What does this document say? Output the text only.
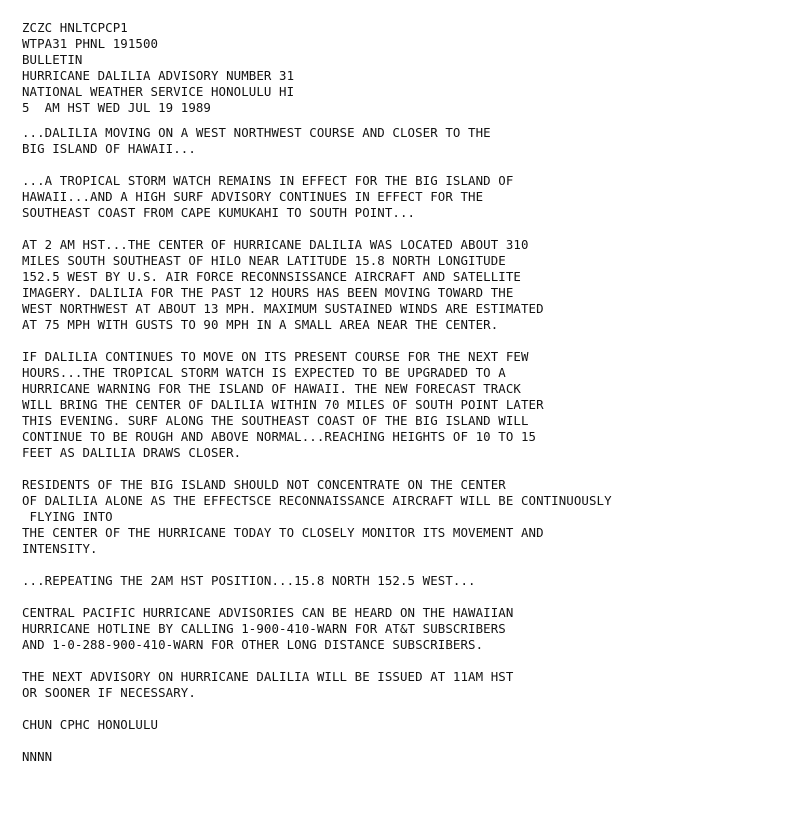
ZCZC HNLTCPCP1
WTPA31 PHNL 191500
BULLETIN
HURRICANE DALILIA ADVISORY NUMBER 31
NATIONAL WEATHER SERVICE HONOLULU HI
5  AM HST WED JUL 19 1989
...DALILIA MOVING ON A WEST NORTHWEST COURSE AND CLOSER TO THE
BIG ISLAND OF HAWAII...
...A TROPICAL STORM WATCH REMAINS IN EFFECT FOR THE BIG ISLAND OF
HAWAII...AND A HIGH SURF ADVISORY CONTINUES IN EFFECT FOR THE
SOUTHEAST COAST FROM CAPE KUMUKAHI TO SOUTH POINT...
AT 2 AM HST...THE CENTER OF HURRICANE DALILIA WAS LOCATED ABOUT 310
MILES SOUTH SOUTHEAST OF HILO NEAR LATITUDE 15.8 NORTH LONGITUDE
152.5 WEST BY U.S. AIR FORCE RECONNSISSANCE AIRCRAFT AND SATELLITE
IMAGERY. DALILIA FOR THE PAST 12 HOURS HAS BEEN MOVING TOWARD THE
WEST NORTHWEST AT ABOUT 13 MPH. MAXIMUM SUSTAINED WINDS ARE ESTIMATED
AT 75 MPH WITH GUSTS TO 90 MPH IN A SMALL AREA NEAR THE CENTER.
IF DALILIA CONTINUES TO MOVE ON ITS PRESENT COURSE FOR THE NEXT FEW
HOURS...THE TROPICAL STORM WATCH IS EXPECTED TO BE UPGRADED TO A
HURRICANE WARNING FOR THE ISLAND OF HAWAII. THE NEW FORECAST TRACK
WILL BRING THE CENTER OF DALILIA WITHIN 70 MILES OF SOUTH POINT LATER
THIS EVENING. SURF ALONG THE SOUTHEAST COAST OF THE BIG ISLAND WILL
CONTINUE TO BE ROUGH AND ABOVE NORMAL...REACHING HEIGHTS OF 10 TO 15
FEET AS DALILIA DRAWS CLOSER.
RESIDENTS OF THE BIG ISLAND SHOULD NOT CONCENTRATE ON THE CENTER
OF DALILIA ALONE AS THE EFFECTSCE RECONNAISSANCE AIRCRAFT WILL BE CONTINUOUSLY
FLYING INTO
THE CENTER OF THE HURRICANE TODAY TO CLOSELY MONITOR ITS MOVEMENT AND
INTENSITY.
...REPEATING THE 2AM HST POSITION...15.8 NORTH 152.5 WEST...
CENTRAL PACIFIC HURRICANE ADVISORIES CAN BE HEARD ON THE HAWAIIAN
HURRICANE HOTLINE BY CALLING 1-900-410-WARN FOR AT&T SUBSCRIBERS
AND 1-0-288-900-410-WARN FOR OTHER LONG DISTANCE SUBSCRIBERS.
THE NEXT ADVISORY ON HURRICANE DALILIA WILL BE ISSUED AT 11AM HST
OR SOONER IF NECESSARY.
CHUN CPHC HONOLULU
NNNN
